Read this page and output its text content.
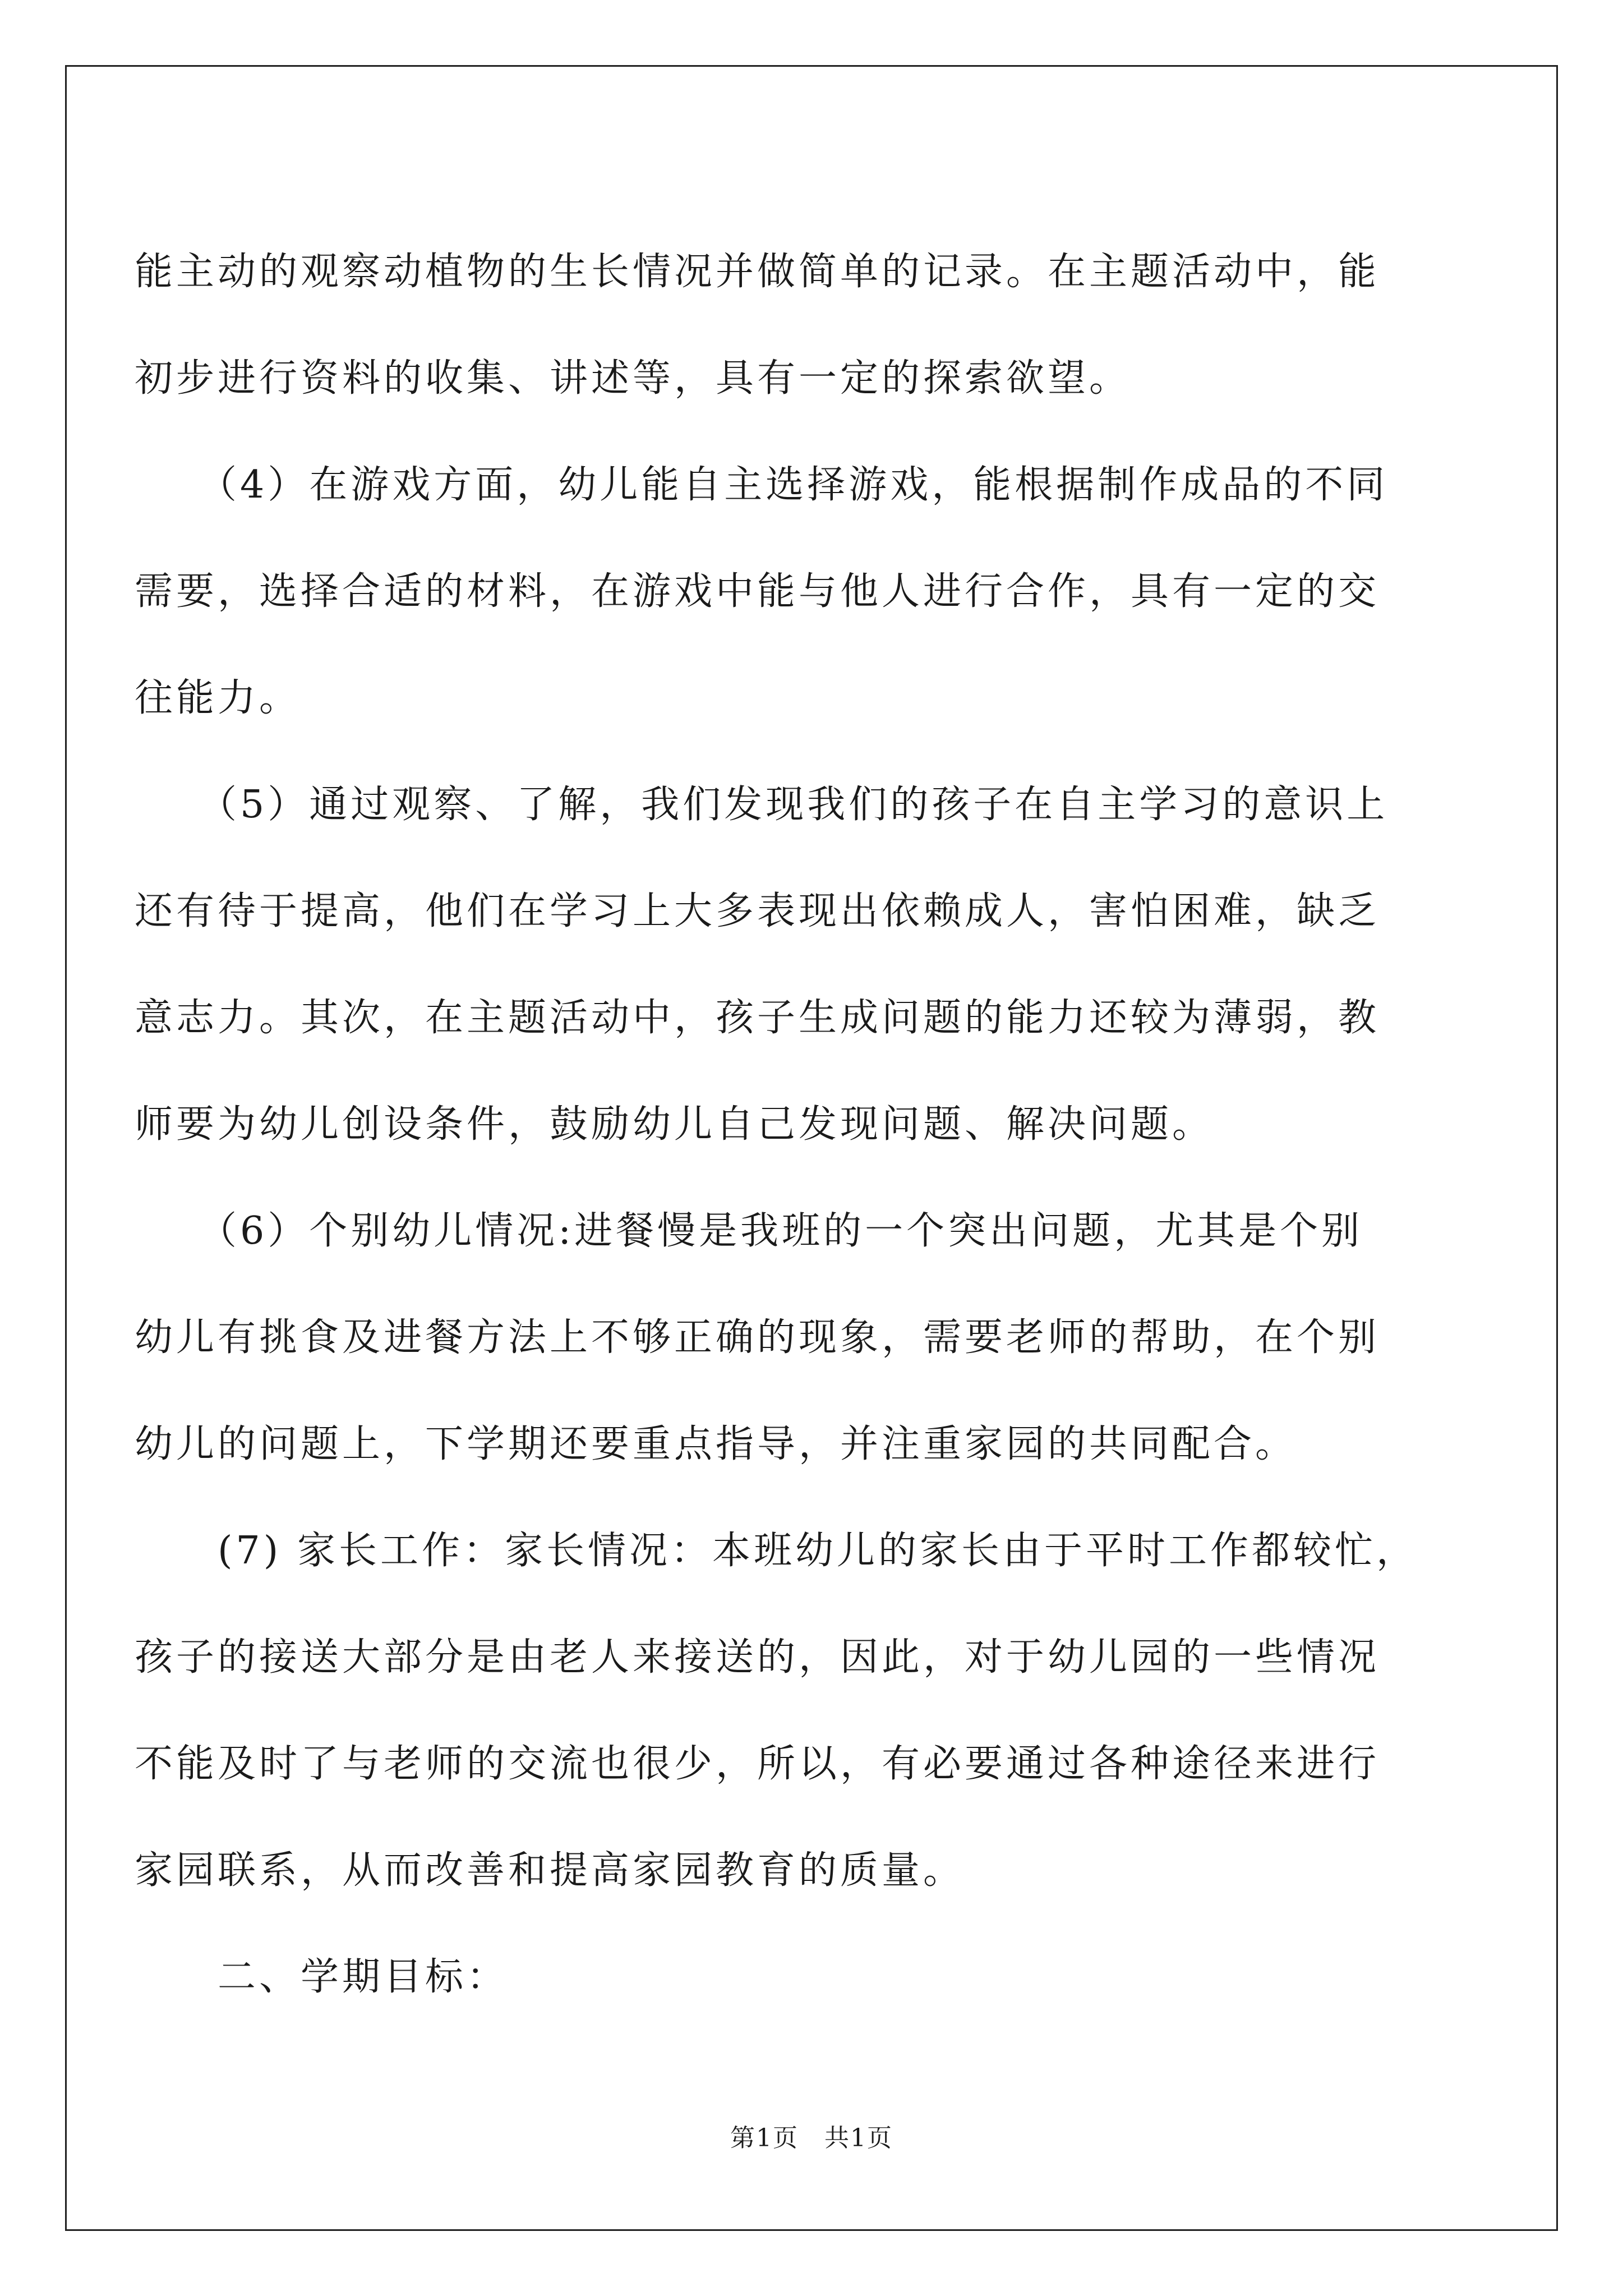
能主动的观察动植物的生长情况并做简单的记录。在主题活动中，能

初步进行资料的收集、讲述等，具有一定的探索欲望。

　　（4）在游戏方面，幼儿能自主选择游戏，能根据制作成品的不同

需要，选择合适的材料，在游戏中能与他人进行合作，具有一定的交

往能力。

　　（5）通过观察、了解，我们发现我们的孩子在自主学习的意识上

还有待于提高，他们在学习上大多表现出依赖成人，害怕困难，缺乏

意志力。其次，在主题活动中，孩子生成问题的能力还较为薄弱，教

师要为幼儿创设条件，鼓励幼儿自己发现问题、解决问题。

　　（6）个别幼儿情况:进餐慢是我班的一个突出问题，尤其是个别

幼儿有挑食及进餐方法上不够正确的现象，需要老师的帮助，在个别

幼儿的问题上，下学期还要重点指导，并注重家园的共同配合。

　　(7) 家长工作：家长情况：本班幼儿的家长由于平时工作都较忙，

孩子的接送大部分是由老人来接送的，因此，对于幼儿园的一些情况

不能及时了与老师的交流也很少，所以，有必要通过各种途径来进行

家园联系，从而改善和提高家园教育的质量。

　　二、学期目标：

第1页　共1页
